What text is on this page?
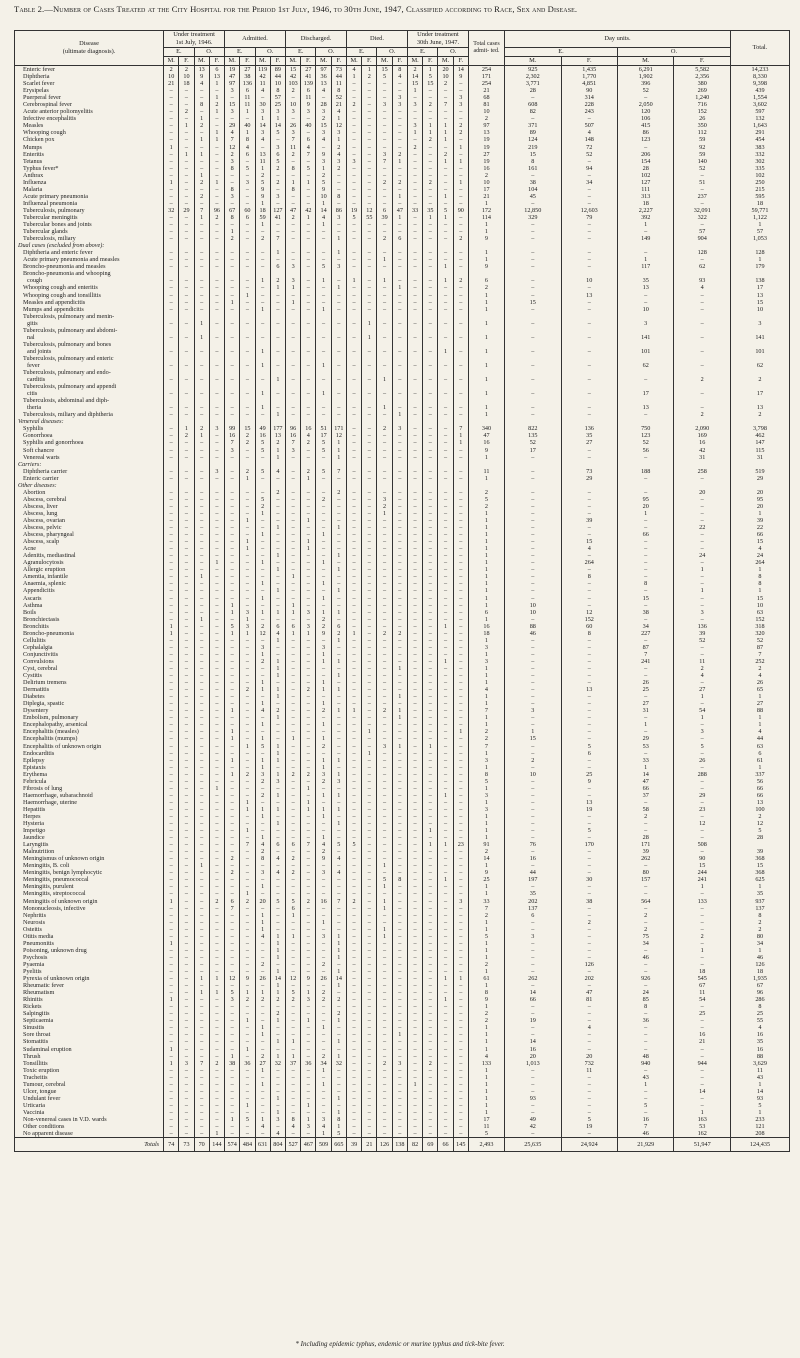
Table 2.—Number of Cases Treated at the City Hospital for the Period 1st July, 1946, to 30th June, 1947, Classified according to Race, Sex and Disease.
Disease
(ultimate diagnosis).	Under treatment
1st July, 1946.				Admitted.				Discharged.				Died.				Under treatment
30th June, 1947.				Total cases admit- ted.	Day units.				Total.
	E.		O.		E.		O.		E.		O.		E.		O.		E.		O.			E.		O.		
	M.	F.	M.	F.	M.	F.	M.	F.	M.	F.	M.	F.	M.	F.	M.	F.	M.	F.	M.	F.		M.	F.	M.	F.	
Enteric fever	2	2	13	6	19	27	119	89	15	27	97	73	4	1	15	8	2	1	20	14	254	925	1,435	6,291	5,582	14,233
Diphtheria	10	10	9	13	47	38	42	44	42	41	36	44	1	2	5	4	14	5	10	9	171	2,302	1,770	1,902	2,356	8,330
Scarlet fever	21	18	4	1	97	136	11	10	103	139	13	11	–	–	–	–	15	15	2	–	254	3,771	4,851	396	380	9,398
Erysipelas	–	–	–	–	3	6	4	8	2	6	4	8	–	–	–	–	1	–	–	–	21	28	90	52	269	439
Puerperal fever	–	–	–	1	–	11	–	57	–	11	–	52	–	–	–	3	–	–	–	3	68	–	314	–	1,240	1,554
Cerebrospinal fever	–	–	8	2	15	11	30	25	10	9	28	21	2	–	3	3	3	2	7	3	81	608	228	2,050	716	3,602
Acute anterior poliomyelitis	–	2	–	1	3	1	3	3	3	3	3	4	–	–	–	–	–	–	–	–	10	82	243	120	152	597
Infective encephalitis	–	–	1	–	–	–	1	1	–	–	2	1	–	–	–	–	–	–	–	–	2	–	–	106	26	132
Measles	–	1	2	–	29	40	14	14	26	40	15	12	–	–	–	–	3	1	1	2	97	371	507	415	350	1,643
Whooping cough	–	–	–	1	4	1	3	5	3	–	3	3	–	–	–	–	1	1	1	2	13	89	4	86	112	291
Chicken pox	–	–	1	1	7	8	4	–	7	6	4	1	–	–	–	–	–	2	1	–	19	124	148	123	59	454
Mumps	1	–	–	–	12	4	–	3	11	4	–	2	–	–	–	–	2	–	–	1	19	219	72	–	92	383
Enteritis	–	1	1	–	2	6	13	6	2	7	9	4	–	–	3	2	–	–	2	–	27	15	52	206	59	332
Tetanus	–	–	–	–	3	–	11	5	–	–	3	3	3	–	7	1	–	–	1	1	19	8	–	154	140	302
Typhus fever*	–	–	–	–	8	5	1	2	8	5	1	2	–	–	–	–	–	–	–	–	16	161	94	28	52	335
Anthrax	–	–	1	–	–	–	2	–	–	–	2	–	–	–	–	–	–	–	–	–	2	–	–	102	–	102
Influenza	1	–	2	1	–	3	5	2	1	1	5	–	–	–	2	2	–	2	–	1	10	38	34	127	51	250
Malaria	–	–	–	–	8	–	9	–	8	–	9	–	–	–	–	–	–	–	–	–	17	104	–	111	–	215
Acute primary pneumonia	–	–	2	–	3	–	9	3	–	–	10	8	–	–	–	1	–	–	1	–	21	45	–	313	237	595
Influenzal pneumonia	–	–	–	–	–	–	1	–	–	–	1	–	–	–	–	–	–	–	–	–	1	–	–	18	–	18
Tuberculosis, pulmonary	32	29	7	96	67	60	18	127	47	42	14	86	19	12	6	47	33	35	5	90	172	12,850	12,603	2,227	32,091	59,771
Tubercular meningitis	–	–	1	2	8	6	59	41	2	1	4	3	5	55	39	1	–	1	1	–	114	329	79	392	322	1,122
Tubercular bones and joints	–	–	–	–	–	–	1	–	–	–	1	–	–	–	–	–	–	–	–	–	1	–	–	1	–	1
Tubercular glands	–	–	–	–	1	–	–	–	–	–	–	–	–	–	–	–	–	–	–	–	1	–	–	–	57	57
Tuberculosis, miliary	–	–	–	–	2	–	2	7	–	–	–	1	–	–	2	6	–	–	–	2	9	–	–	149	904	1,053
Dual cases (excluded from above):																										
Diphtheria and enteric fever	–	–	–	–	–	–	–	1	–	–	–	1	–	–	–	–	–	–	–	–	1	–	–	–	128	128
Acute primary pneumonia and measles	–	–	–	–	–	–	–	–	–	–	–	–	–	–	1	–	–	–	–	–	1	–	–	1	–	1
Broncho-pneumonia and measles	–	–	–	–	–	–	–	6	3	–	5	3	–	–	–	–	–	–	1	–	9	–	–	117	62	179
Broncho-pneumonia and whooping																										
cough	–	–	–	–	–	–	1	2	3	–	1	–	1	–	1	–	–	–	1	2	6	–	10	35	93	138
Whooping cough and enteritis	–	–	–	–	–	–	–	1	1	–	–	1	–	–	–	1	–	–	–	–	2	–	–	13	4	17
Whooping cough and tonsillitis	–	–	–	–	–	1	–	–	–	–	–	–	–	–	–	–	–	–	–	–	1	–	13	–	–	13
Measles and appendicitis	–	–	–	–	1	–	–	–	1	–	–	–	–	–	–	–	–	–	–	–	1	15	–	–	–	15
Mumps and appendicitis	–	–	–	–	–	–	1	–	–	–	1	–	–	–	–	–	–	–	–	–	1	–	–	10	–	10
Tuberculosis, pulmonary and menin-																										
gitis	–	–	1	–	–	–	–	–	–	–	–	–	–	1	–	–	–	–	–	–	1	–	–	3	–	3
Tuberculosis, pulmonary and abdomi-																										
nal	–	–	1	–	–	–	–	–	–	–	–	–	–	1	–	–	–	–	–	–	1	–	–	141	–	141
Tuberculosis, pulmonary and bones																										
and joints	–	–	–	–	–	–	1	–	–	–	–	–	–	–	–	–	–	–	1	–	1	–	–	101	–	101
Tuberculosis, pulmonary and enteric																										
fever	–	–	–	–	–	–	1	–	–	–	1	–	–	–	–	–	–	–	–	–	1	–	–	62	–	62
Tuberculosis, pulmonary and endo-																										
carditis	–	–	–	–	–	–	–	1	–	–	–	–	–	–	1	–	–	–	–	–	1	–	–	–	2	2
Tuberculosis, pulmonary and appendi																										
citis	–	–	–	–	–	–	1	–	–	–	1	–	–	–	–	–	–	–	–	–	1	–	–	17	–	17
Tuberculosis, abdominal and diph-																										
theria	–	–	–	–	–	–	1	–	–	–	–	–	–	–	1	–	–	–	–	–	1	–	–	13	–	13
Tuberculosis, miliary and diphtheria	–	–	–	–	–	–	–	1	–	–	–	–	–	–	–	1	–	–	–	–	1	–	–	–	2	2
Venereal diseases:																										
Syphilis	–	1	2	3	99	15	49	177	96	16	51	171	–	–	2	3	–	–	–	7	340	822	136	750	2,090	3,798
Gonorrhoea	–	2	1	–	16	2	16	13	16	4	17	12	–	–	–	–	–	–	–	1	47	135	35	123	169	462
Syphilis and gonorrhoea	–	–	–	–	7	2	5	2	7	2	5	1	–	–	–	–	–	–	–	1	16	52	27	52	16	147
Soft chancre	–	–	–	–	3	–	5	1	3	–	5	1	–	–	–	–	–	–	–	–	9	17	–	56	42	115
Venereal warts	–	–	–	–	–	–	–	1	–	–	–	1	–	–	–	–	–	–	–	–	1	–	–	–	31	31
Carriers:																										
Diphtheria carrier	–	–	–	3	–	2	5	4	–	2	5	7	–	–	–	–	–	–	–	–	11	–	73	188	258	519
Enteric carrier	–	–	–	–	–	1	–	–	–	1	–	–	–	–	–	–	–	–	–	–	1	–	29	–	–	29
Other diseases:																										
Abortion	–	–	–	–	–	–	–	2	–	–	–	2	–	–	–	–	–	–	–	–	2	–	–	–	20	20
Abscess, cerebral	–	–	–	–	–	–	5	–	–	–	2	–	–	–	3	–	–	–	–	–	5	–	–	95	–	95
Abscess, liver	–	–	–	–	–	–	2	–	–	–	–	–	–	–	2	–	–	–	–	–	2	–	–	20	–	20
Abscess, lung	–	–	–	–	–	–	1	–	–	–	–	–	–	–	1	–	–	–	–	–	1	–	–	1	–	1
Abscess, ovarian	–	–	–	–	–	1	–	–	–	1	–	–	–	–	–	–	–	–	–	–	1	–	39	–	–	39
Abscess, pelvic	–	–	–	–	–	–	–	1	–	–	–	1	–	–	–	–	–	–	–	–	1	–	–	–	22	22
Abscess, pharyngeal	–	–	–	–	–	–	1	–	–	–	1	–	–	–	–	–	–	–	–	–	1	–	–	66	–	66
Abscess, scalp	–	–	–	–	–	1	–	–	–	1	–	–	–	–	–	–	–	–	–	–	1	–	15	–	–	15
Acne	–	–	–	–	–	1	–	–	–	1	–	–	–	–	–	–	–	–	–	–	1	–	4	–	–	4
Adenitis, mediastinal	–	–	–	–	–	–	–	1	–	–	–	1	–	–	–	–	–	–	–	–	1	–	–	–	24	24
Agranulocytosis	–	–	–	1	–	–	1	–	–	–	1	–	–	–	–	–	–	–	–	–	1	–	264	–	–	264
Allergic eruption	–	–	–	–	–	–	–	1	–	–	–	1	–	–	–	–	–	–	–	–	1	–	–	–	1	1
Amentia, infantile	–	–	1	–	–	–	–	–	1	–	–	–	–	–	–	–	–	–	–	–	1	–	8	–	–	8
Anaemia, splenic	–	–	–	–	–	–	1	–	–	–	1	–	–	–	–	–	–	–	–	–	1	–	–	8	–	8
Appendicitis	–	–	–	–	–	–	–	1	–	–	–	1	–	–	–	–	–	–	–	–	1	–	–	–	1	1
Ascaris	–	–	–	–	–	–	1	–	–	–	1	–	–	–	–	–	–	–	–	–	1	–	–	15	–	15
Asthma	–	–	–	–	1	–	–	–	1	–	–	–	–	–	–	–	–	–	–	–	1	10	–	–	–	10
Boils	–	–	–	–	1	3	1	1	1	3	1	1	–	–	–	–	–	–	–	–	6	10	12	38	3	63
Bronchiectasis	–	–	1	–	–	1	–	–	–	–	2	–	–	–	–	–	–	–	–	–	1	–	152	–	–	152
Bronchitis	1	–	–	–	5	3	2	6	6	3	2	6	–	–	–	–	–	–	1	–	16	88	60	34	136	318
Broncho-pneumonia	1	–	–	–	1	1	12	4	1	1	9	2	1	–	2	2	–	–	–	–	18	46	8	227	39	320
Cellulitis	–	–	–	–	–	–	–	1	–	–	–	1	–	–	–	–	–	–	–	–	1	–	–	–	52	52
Cephalalgia	–	–	–	–	–	–	3	–	–	–	3	–	–	–	–	–	–	–	–	–	3	–	–	87	–	87
Conjunctivitis	–	–	–	–	–	–	1	–	–	–	1	–	–	–	–	–	–	–	–	–	1	–	–	7	–	7
Convulsions	–	–	–	–	–	–	2	1	–	–	1	1	–	–	–	–	–	–	1	–	3	–	–	241	11	252
Cyst, cerebral	–	–	–	–	–	–	–	1	–	–	–	–	–	–	–	1	–	–	–	–	1	–	–	–	2	2
Cystitis	–	–	–	–	–	–	–	1	–	–	–	1	–	–	–	–	–	–	–	–	1	–	–	–	4	4
Delirium tremens	–	–	–	–	–	–	1	–	–	–	1	–	–	–	–	–	–	–	–	–	1	–	–	26	–	26
Dermatitis	–	–	–	–	–	2	1	1	–	2	1	1	–	–	–	–	–	–	–	–	4	–	13	25	27	65
Diabetes	–	–	–	–	–	–	–	1	–	–	–	–	–	–	–	1	–	–	–	–	1	–	–	–	1	1
Diplegia, spastic	–	–	–	–	–	–	1	–	–	–	1	–	–	–	–	–	–	–	–	–	1	–	–	27	–	27
Dysentery	–	–	–	–	1	–	4	2	–	–	2	1	1	–	2	1	–	–	–	–	7	3	–	31	54	88
Embolism, pulmonary	–	–	–	–	–	–	–	1	–	–	–	–	–	–	–	1	–	–	–	–	1	–	–	–	1	1
Encephalopathy, arsenical	–	–	–	–	–	–	1	–	–	–	1	–	–	–	–	–	–	–	–	–	1	–	–	1	–	1
Encephalitis (measles)	–	–	–	–	1	–	–	–	–	–	–	–	–	1	–	–	–	–	–	1	2	1	–	–	3	4
Encephalitis (mumps)	–	–	–	–	1	–	1	–	1	–	1	–	–	–	–	–	–	–	–	–	2	15	–	29	–	44
Encephalitis of unknown origin	–	–	–	–	–	1	5	1	–	–	2	–	–	–	3	1	–	1	–	–	7	–	5	53	5	63
Endocarditis	–	–	–	–	–	–	–	1	–	–	–	–	–	1	–	–	–	–	–	–	1	–	6	–	–	6
Epilepsy	–	–	–	–	1	–	1	1	–	–	1	1	–	–	–	–	–	–	–	–	3	2	–	33	26	61
Epistaxis	–	–	–	–	–	–	1	–	–	–	1	–	–	–	–	–	–	–	–	–	1	–	–	1	–	1
Erythema	–	–	–	–	1	2	3	1	2	2	3	1	–	–	–	–	–	–	–	–	8	10	25	14	288	337
Febricula	–	–	–	–	–	–	2	3	–	–	2	3	–	–	–	–	–	–	–	–	5	–	9	47	–	56
Fibrosis of lung	–	–	–	1	–	–	–	–	–	1	–	–	–	–	–	–	–	–	–	–	1	–	–	66	–	66
Haemorrhage, subarachnoid	–	–	–	–	–	–	2	1	–	–	1	1	–	–	–	–	–	–	1	–	3	–	–	37	29	66
Haemorrhage, uterine	–	–	–	–	–	1	–	–	–	1	–	–	–	–	–	–	–	–	–	–	1	–	13	–	–	13
Hepatitis	–	–	–	–	–	1	1	1	–	1	1	1	–	–	–	–	–	–	–	–	3	–	19	58	23	100
Herpes	–	–	–	–	–	–	1	–	–	–	1	–	–	–	–	–	–	–	–	–	1	–	–	2	–	2
Hysteria	–	–	–	–	–	–	–	1	–	–	–	1	–	–	–	–	–	–	–	–	1	–	–	–	12	12
Impetigo	–	–	–	–	–	1	–	–	–	–	–	–	–	–	–	–	–	1	–	–	1	–	5	–	–	5
Jaundice	–	–	–	–	–	–	1	–	–	–	1	–	–	–	–	–	–	–	–	–	1	–	–	28	–	28
Laryngitis	–	–	–	–	–	7	4	6	6	7	4	5	5	–	–	–	–	1	1	23	91	76	170	171	508	
Malnutrition	–	–	–	–	–	–	2	–	–	–	2	–	–	–	–	–	–	–	–	–	2	–	–	39	–	39
Meningismus of unknown origin	–	–	–	–	2	–	8	4	2	–	9	4	–	–	–	–	–	–	–	–	14	16	–	262	90	368
Meningitis, B. coli	–	–	1	–	–	–	–	–	–	–	–	–	–	–	1	–	–	–	–	–	1	–	–	–	15	15
Meningitis, benign lymphocytic	–	–	–	–	2	–	3	4	2	–	3	4	–	–	–	–	–	–	–	–	9	44	–	80	244	368
Meningitis, pneumococcal	–	–	–	–	–	–	–	–	–	–	–	–	–	–	5	8	–	–	1	–	25	197	30	157	241	625
Meningitis, purulent	–	–	–	–	–	–	1	–	–	–	–	–	–	–	1	–	–	–	–	–	1	–	–	–	1	1
Meningitis, streptococcal	–	–	–	–	–	1	–	–	–	–	–	–	–	–	–	–	–	–	–	–	1	35	–	–	–	35
Meningitis of unknown origin	1	–	–	2	6	2	20	5	5	2	16	7	2	–	1	–	–	–	–	3	33	202	38	564	133	937
Mononucleosis, infective	–	–	–	–	7	–	–	–	6	–	–	–	–	–	1	–	–	–	–	–	7	137	–	–	–	137
Nephritis	–	–	–	–	–	–	1	–	1	–	–	–	–	–	–	–	–	–	–	–	2	6	–	2	–	8
Neurosis	–	–	–	–	–	–	1	–	–	–	1	–	–	–	–	–	–	–	–	–	1	–	2	–	–	2
Osteitis	–	–	–	–	–	–	1	–	–	–	–	–	–	–	1	–	–	–	–	–	1	–	–	2	–	2
Otitis media	–	–	–	–	–	–	4	1	1	–	3	1	–	–	1	–	–	–	–	–	5	3	–	75	2	80
Pneumonitis	1	–	–	–	–	–	–	1	–	–	–	1	–	–	–	–	–	–	–	–	1	–	–	34	–	34
Poisoning, unknown drug	–	–	–	–	–	–	–	1	–	–	–	1	–	–	–	–	–	–	–	–	1	–	–	–	1	1
Psychosis	–	–	–	–	–	–	–	1	–	–	–	1	–	–	–	–	–	–	–	–	1	–	–	46	–	46
Pyaemia	–	–	–	–	–	–	2	–	–	–	2	–	–	–	–	–	–	–	–	–	2	–	126	–	–	126
Pyelitis	–	–	–	–	–	–	–	1	–	–	–	1	–	–	–	–	–	–	–	–	1	–	–	–	18	18
Pyrexia of unknown origin	–	–	1	1	12	9	26	14	12	9	26	14	–	–	–	–	–	–	1	1	61	262	202	926	545	1,935
Rheumatic fever	–	–	–	–	–	–	–	1	–	–	–	1	–	–	–	–	–	–	–	–	1	–	–	–	67	67
Rheumatism	–	–	1	1	5	1	1	1	5	1	2	–	–	–	–	–	–	–	–	–	8	14	47	24	11	96
Rhinitis	1	–	–	–	3	2	2	2	2	3	2	2	–	–	–	–	–	–	1	–	9	66	81	85	54	286
Rickets	–	–	–	–	–	–	–	–	–	–	–	–	–	–	–	–	–	–	–	–	1	–	–	8	–	8
Salpingitis	–	–	–	–	–	–	–	2	–	–	–	2	–	–	–	–	–	–	–	–	2	–	–	–	25	25
Septicaemia	–	–	–	–	–	1	–	1	–	1	–	1	–	–	–	–	–	–	–	–	2	19	–	36	–	55
Sinusitis	–	–	–	–	–	–	1	–	–	–	1	–	–	–	–	–	–	–	–	–	1	–	4	–	–	4
Sore throat	–	–	–	–	–	–	1	–	–	–	–	–	–	–	–	1	–	–	–	–	1	–	–	–	16	16
Stomatitis	–	–	–	–	–	–	–	1	1	–	–	1	–	–	–	–	–	–	–	–	1	14	–	–	21	35
Sudaminal eruption	1	–	–	–	–	1	–	–	–	–	–	–	–	–	–	–	–	–	–	–	1	16	–	–	–	16
Thrush	–	–	–	–	1	–	2	1	1	–	2	1	–	–	–	–	–	–	–	–	4	20	20	48	–	88
Tonsillitis	1	3	7	2	38	36	27	32	37	36	34	32	–	–	2	3	–	2	–	–	133	1,013	732	940	944	3,629
Toxic eruption	–	–	–	–	–	–	1	–	–	–	1	–	–	–	–	–	–	–	–	–	1	–	11	–	–	11
Tracheitis	–	–	–	–	–	–	–	–	–	–	–	–	–	–	–	–	–	–	–	–	1	–	–	43	–	43
Tumour, cerebral	–	–	–	–	–	–	1	–	–	–	1	–	–	–	–	–	1	–	–	–	1	–	–	1	–	1
Ulcer, tongue	–	–	–	–	–	–	–	–	–	–	–	–	–	–	–	–	–	–	–	–	1	–	–	–	14	14
Undulant fever	–	–	–	–	–	–	–	1	–	–	–	1	–	–	–	–	–	–	–	–	1	93	–	–	–	93
Urticaria	–	–	–	–	–	1	–	–	–	1	–	–	–	–	–	–	–	–	–	–	1	–	–	5	–	5
Vaccinia	–	–	–	–	–	–	–	1	–	–	–	1	–	–	–	–	–	–	–	–	1	–	–	–	1	1
Non-venereal cases in V.D. wards	–	–	–	–	1	5	1	3	8	1	3	8	–	–	–	–	–	–	–	–	17	49	5	16	163	233
Other conditions	–	–	–	–	–	–	4	–	4	3	4	1	–	–	–	–	–	–	–	–	11	42	19	7	53	121
No apparent disease	–	–	–	1	–	–	–	4	–	–	1	5	–	–	–	–	–	–	–	–	5	–	–	46	162	208
Totals	74	73	70	144	574	484	631	804	527	467	509	665	39	21	126	138	82	69	66	145	2,493	25,635	24,924	21,929	51,947	124,435
* Including epidemic typhus, endemic or murine typhus and tick-bite fever.
